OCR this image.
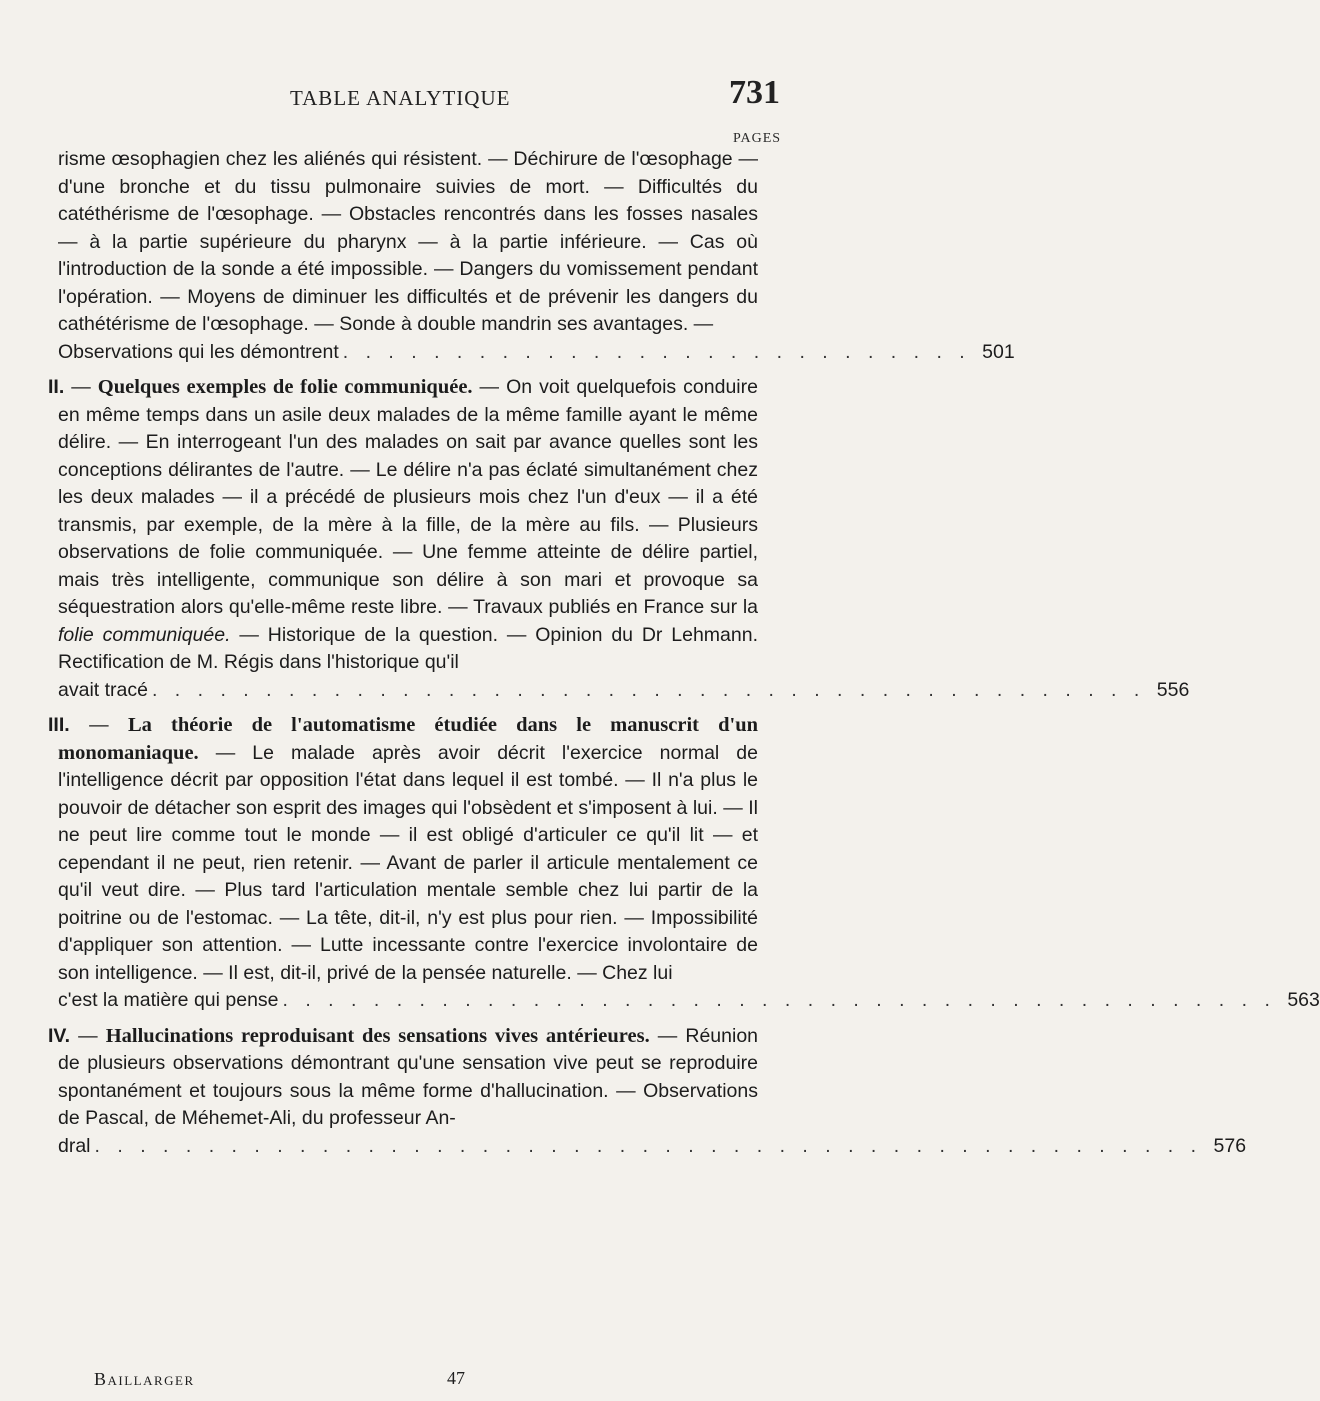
TABLE ANALYTIQUE	731
PAGES

risme œsophagien chez les aliénés qui résistent. — Déchirure de l'œsophage — d'une bronche et du tissu pulmonaire suivies de mort. — Difficultés du catéthérisme de l'œsophage. — Obstacles rencontrés dans les fosses nasales — à la partie supérieure du pharynx — à la partie inférieure. — Cas où l'introduction de la sonde a été impossible. — Dangers du vomissement pendant l'opération. — Moyens de diminuer les difficultés et de prévenir les dangers du cathétérisme de l'œsophage. — Sonde à double mandrin ses avantages. —

Observations qui les démontrent . . . . . . . . . . . . . . . . . . . . . . . . . . . . 501

II. — Quelques exemples de folie communiquée. — On voit quelquefois conduire en même temps dans un asile deux malades de la même famille ayant le même délire. — En interrogeant l'un des malades on sait par avance quelles sont les conceptions délirantes de l'autre. — Le délire n'a pas éclaté simultanément chez les deux malades — il a précédé de plusieurs mois chez l'un d'eux — il a été transmis, par exemple, de la mère à la fille, de la mère au fils. — Plusieurs observations de folie communiquée. — Une femme atteinte de délire partiel, mais très intelligente, communique son délire à son mari et provoque sa séquestration alors qu'elle-même reste libre. — Travaux publiés en France sur la folie communiquée. — Historique de la question. — Opinion du Dr Lehmann. Rectification de M. Régis dans l'historique qu'il

avait tracé . . . . . . . . . . . . . . . . . . . . . . . . . . . . . . . . . . . . . . . . . . . . 556

III. — La théorie de l'automatisme étudiée dans le manuscrit d'un monomaniaque. — Le malade après avoir décrit l'exercice normal de l'intelligence décrit par opposition l'état dans lequel il est tombé. — Il n'a plus le pouvoir de détacher son esprit des images qui l'obsèdent et s'imposent à lui. — Il ne peut lire comme tout le monde — il est obligé d'articuler ce qu'il lit — et cependant il ne peut, rien retenir. — Avant de parler il articule mentalement ce qu'il veut dire. — Plus tard l'articulation mentale semble chez lui partir de la poitrine ou de l'estomac. — La tête, dit-il, n'y est plus pour rien. — Impossibilité d'appliquer son attention. — Lutte incessante contre l'exercice involontaire de son intelligence. — Il est, dit-il, privé de la pensée naturelle. — Chez lui

c'est la matière qui pense . . . . . . . . . . . . . . . . . . . . . . . . . . . . . . . . . . . . . . . . . . . . 563

IV. — Hallucinations reproduisant des sensations vives antérieures. — Réunion de plusieurs observations démontrant qu'une sensation vive peut se reproduire spontanément et toujours sous la même forme d'hallucination. — Observations de Pascal, de Méhemet-Ali, du professeur An-

dral . . . . . . . . . . . . . . . . . . . . . . . . . . . . . . . . . . . . . . . . . . . . . . . . . 576
Baillarger	47
